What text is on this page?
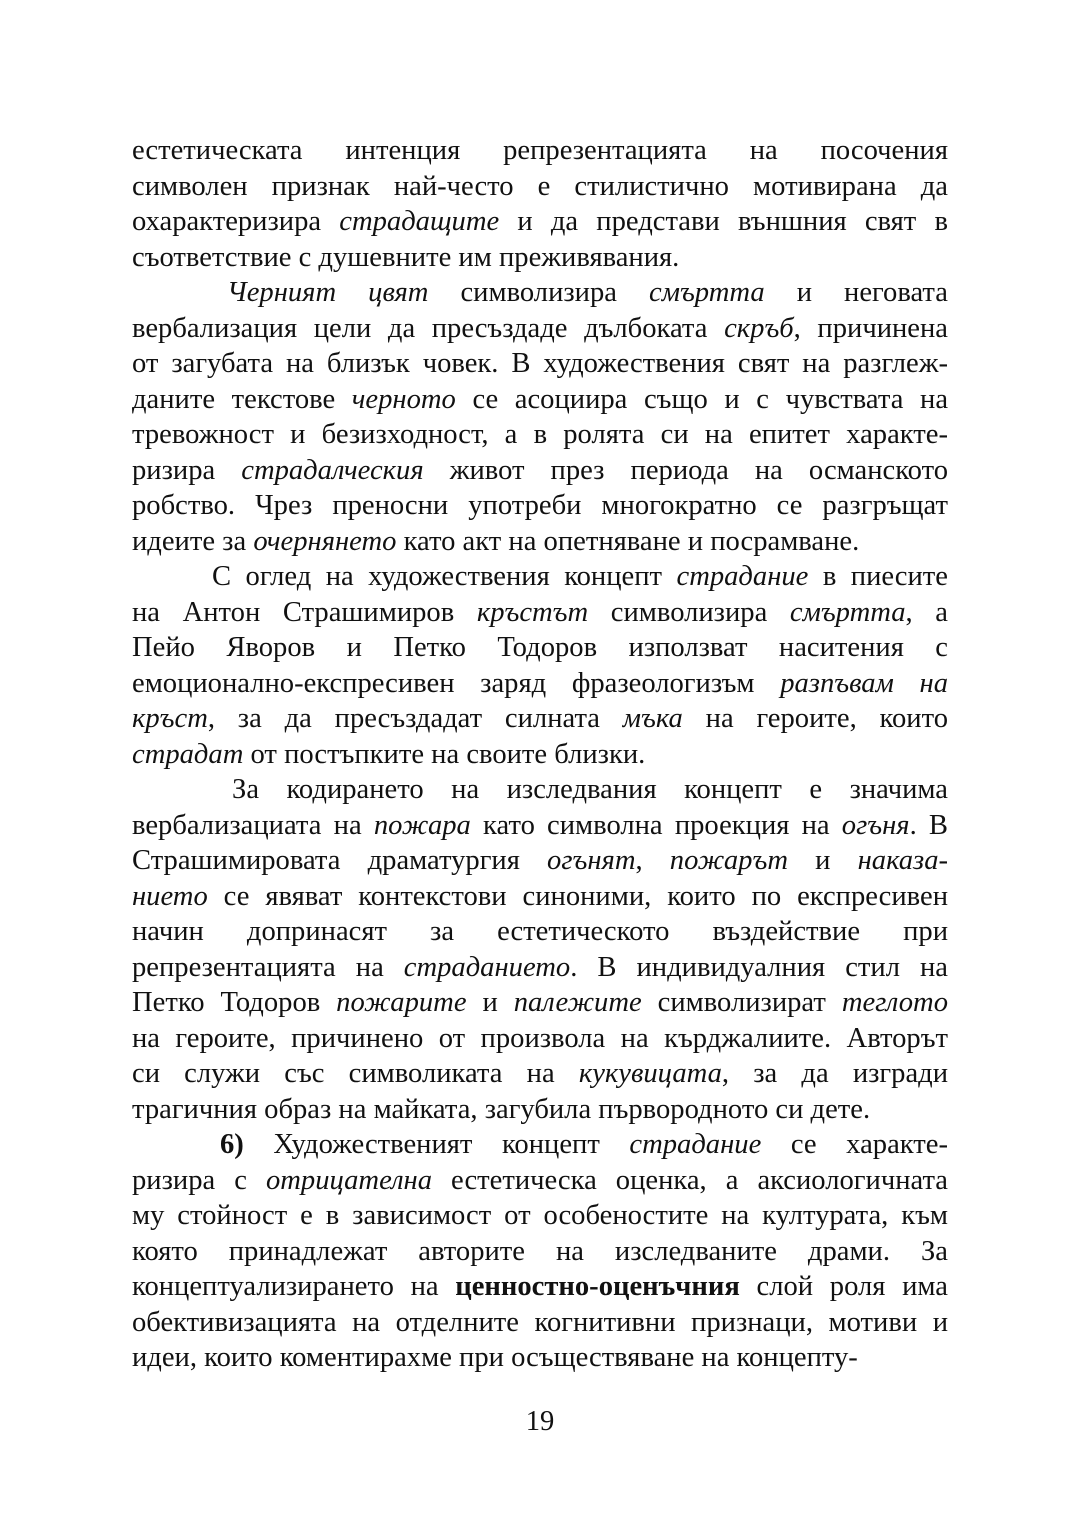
естетическата интенция репрезентацията на посочения
символен признак най-често е стилистично мотивирана да
охарактеризира страдащите и да представи външния свят в
съответствие с душевните им преживявания.
Черният цвят символизира смъртта и неговата
вербализация цели да пресъздаде дълбоката скръб, причинена
от загубата на близък човек. В художествения свят на разглеж-
даните текстове черното се асоциира също и с чувствата на
тревожност и безизходност, а в ролята си на епитет характе-
ризира страдалческия живот през периода на османското
робство. Чрез преносни употреби многократно се разгръщат
идеите за очернянето като акт на опетняване и посрамване.
С оглед на художествения концепт страдание в пиесите
на Антон Страшимиров кръстът символизира смъртта, а
Пейо Яворов и Петко Тодоров използват наситения с
емоционално-експресивен заряд фразеологизъм разпъвам на
кръст, за да пресъздадат силната мъка на героите, които
страдат от постъпките на своите близки.
За кодирането на изследвания концепт е значима
вербализациата на пожара като символна проекция на огъня. В
Страшимировата драматургия огънят, пожарът и наказа-
нието се явяват контекстови синоними, които по експресивен
начин допринасят за естетическото въздействие при
репрезентацията на страданието. В индивидуалния стил на
Петко Тодоров пожарите и палежите символизират теглото
на героите, причинено от произвола на кърджалиите. Авторът
си служи със символиката на кукувицата, за да изгради
трагичния образ на майката, загубила първородното си дете.
6) Художественият концепт страдание се характе-
ризира с отрицателна естетическа оценка, а аксиологичната
му стойност е в зависимост от особеностите на културата, към
която принадлежат авторите на изследваните драми. За
концептуализирането на ценностно-оценъчния слой роля има
обективизацията на отделните когнитивни признаци, мотиви и
идеи, които коментирахме при осъществяване на концепту-
19
